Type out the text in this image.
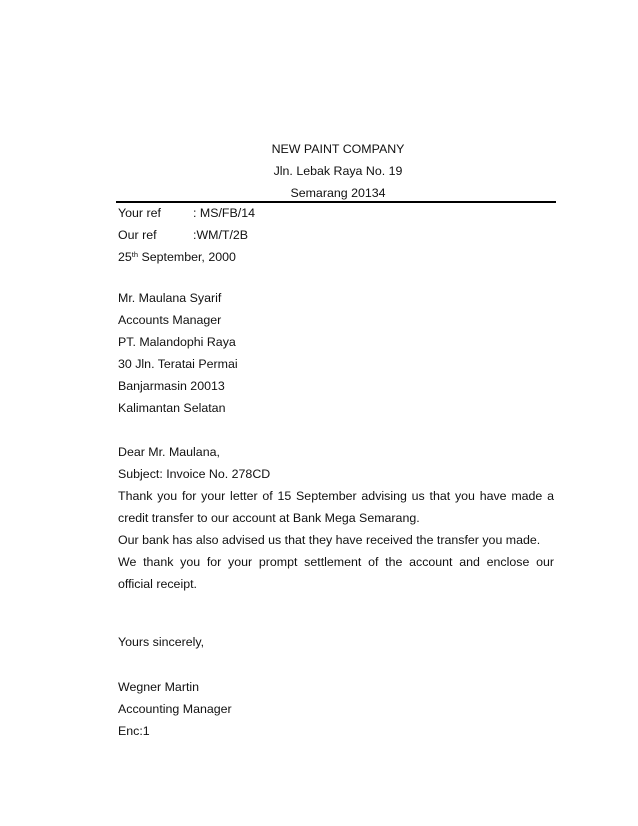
NEW PAINT COMPANY
Jln. Lebak Raya No. 19
Semarang 20134
Your ref	: MS/FB/14
Our ref	:WM/T/2B
25th September, 2000
Mr. Maulana Syarif
Accounts Manager
PT. Malandophi Raya
30 Jln. Teratai Permai
Banjarmasin 20013
Kalimantan Selatan
Dear Mr. Maulana,
Subject: Invoice No. 278CD
Thank you for your letter of 15 September advising us that you have made a
credit transfer to our account at Bank Mega Semarang.
Our bank has also advised us that they have received the transfer you made.
We thank you for your prompt settlement of the account and enclose our
official receipt.
Yours sincerely,
Wegner Martin
Accounting Manager
Enc:1
